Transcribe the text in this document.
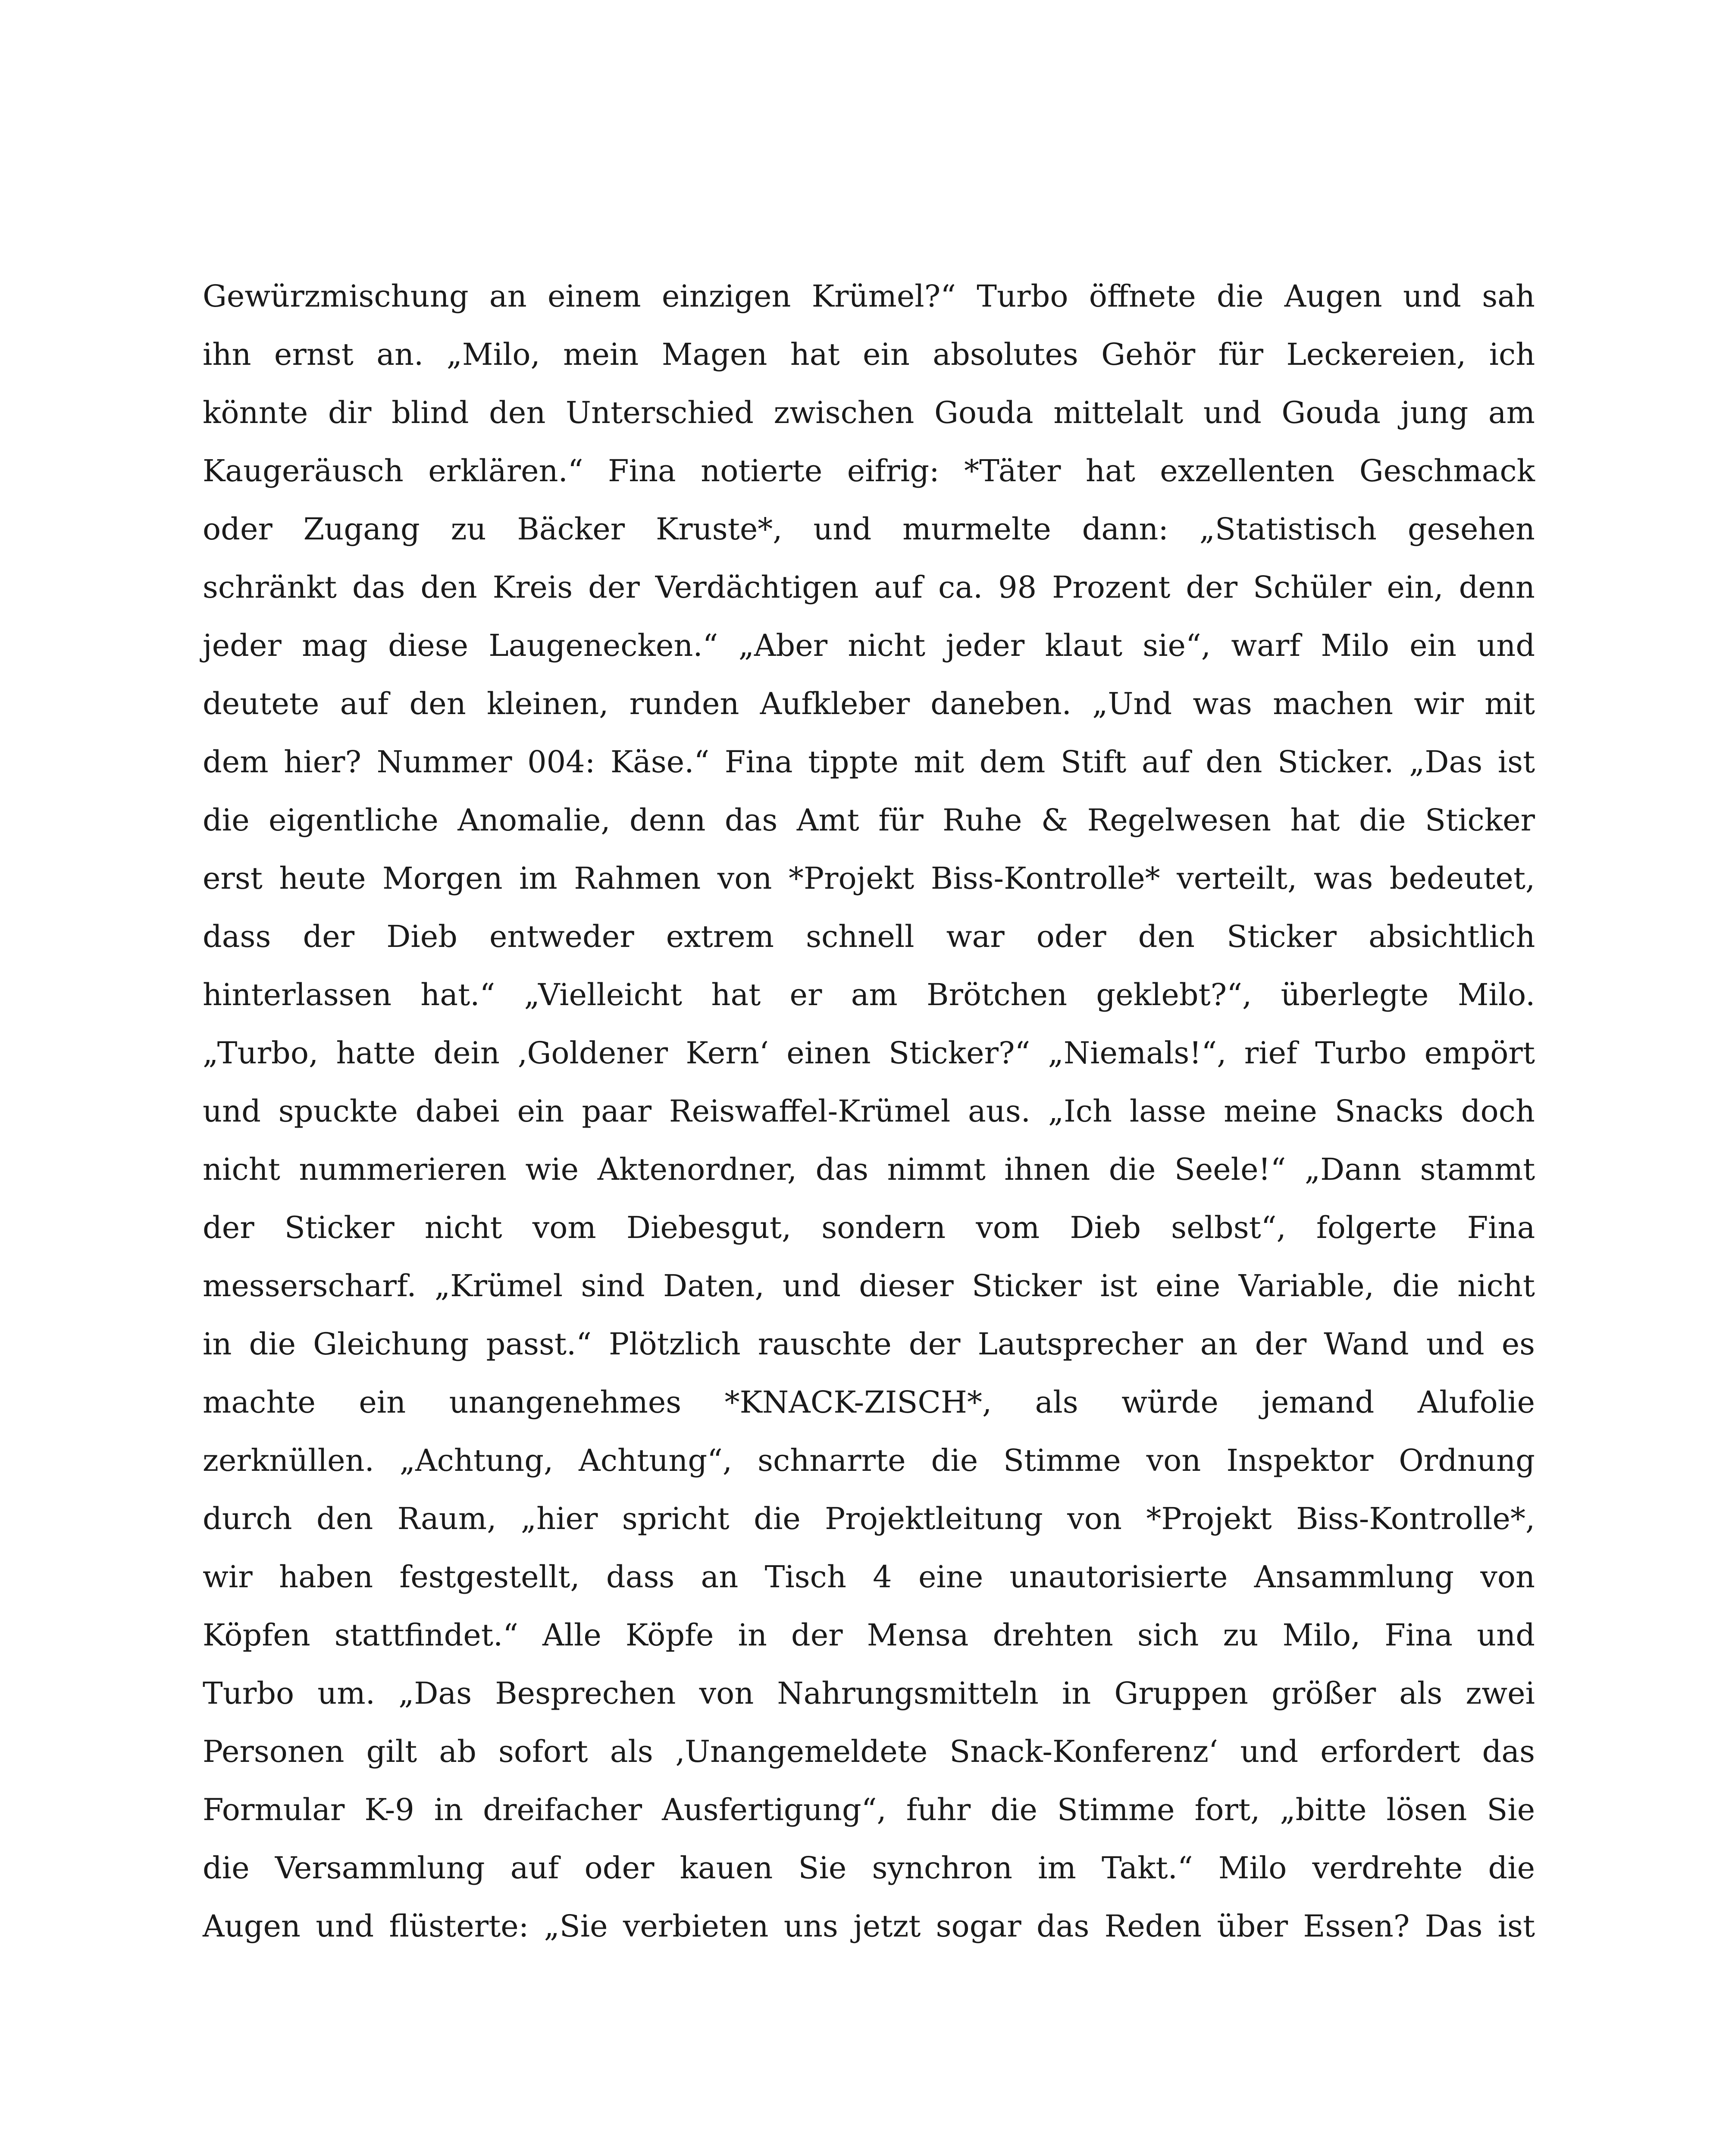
Gewürzmischung an einem einzigen Krümel?“ Turbo öffnete die Augen und sah
ihn ernst an. „Milo, mein Magen hat ein absolutes Gehör für Leckereien, ich
könnte dir blind den Unterschied zwischen Gouda mittelalt und Gouda jung am
Kaugeräusch erklären.“ Fina notierte eifrig: *Täter hat exzellenten Geschmack
oder Zugang zu Bäcker Kruste*, und murmelte dann: „Statistisch gesehen
schränkt das den Kreis der Verdächtigen auf ca. 98 Prozent der Schüler ein, denn
jeder mag diese Laugenecken.“ „Aber nicht jeder klaut sie“, warf Milo ein und
deutete auf den kleinen, runden Aufkleber daneben. „Und was machen wir mit
dem hier? Nummer 004: Käse.“ Fina tippte mit dem Stift auf den Sticker. „Das ist
die eigentliche Anomalie, denn das Amt für Ruhe & Regelwesen hat die Sticker
erst heute Morgen im Rahmen von *Projekt Biss-Kontrolle* verteilt, was bedeutet,
dass der Dieb entweder extrem schnell war oder den Sticker absichtlich
hinterlassen hat.“ „Vielleicht hat er am Brötchen geklebt?“, überlegte Milo.
„Turbo, hatte dein ‚Goldener Kern‘ einen Sticker?“ „Niemals!“, rief Turbo empört
und spuckte dabei ein paar Reiswaffel-Krümel aus. „Ich lasse meine Snacks doch
nicht nummerieren wie Aktenordner, das nimmt ihnen die Seele!“ „Dann stammt
der Sticker nicht vom Diebesgut, sondern vom Dieb selbst“, folgerte Fina
messerscharf. „Krümel sind Daten, und dieser Sticker ist eine Variable, die nicht
in die Gleichung passt.“ Plötzlich rauschte der Lautsprecher an der Wand und es
machte ein unangenehmes *KNACK-ZISCH*, als würde jemand Alufolie
zerknüllen. „Achtung, Achtung“, schnarrte die Stimme von Inspektor Ordnung
durch den Raum, „hier spricht die Projektleitung von *Projekt Biss-Kontrolle*,
wir haben festgestellt, dass an Tisch 4 eine unautorisierte Ansammlung von
Köpfen stattfindet.“ Alle Köpfe in der Mensa drehten sich zu Milo, Fina und
Turbo um. „Das Besprechen von Nahrungsmitteln in Gruppen größer als zwei
Personen gilt ab sofort als ‚Unangemeldete Snack-Konferenz‘ und erfordert das
Formular K-9 in dreifacher Ausfertigung“, fuhr die Stimme fort, „bitte lösen Sie
die Versammlung auf oder kauen Sie synchron im Takt.“ Milo verdrehte die
Augen und flüsterte: „Sie verbieten uns jetzt sogar das Reden über Essen? Das ist
